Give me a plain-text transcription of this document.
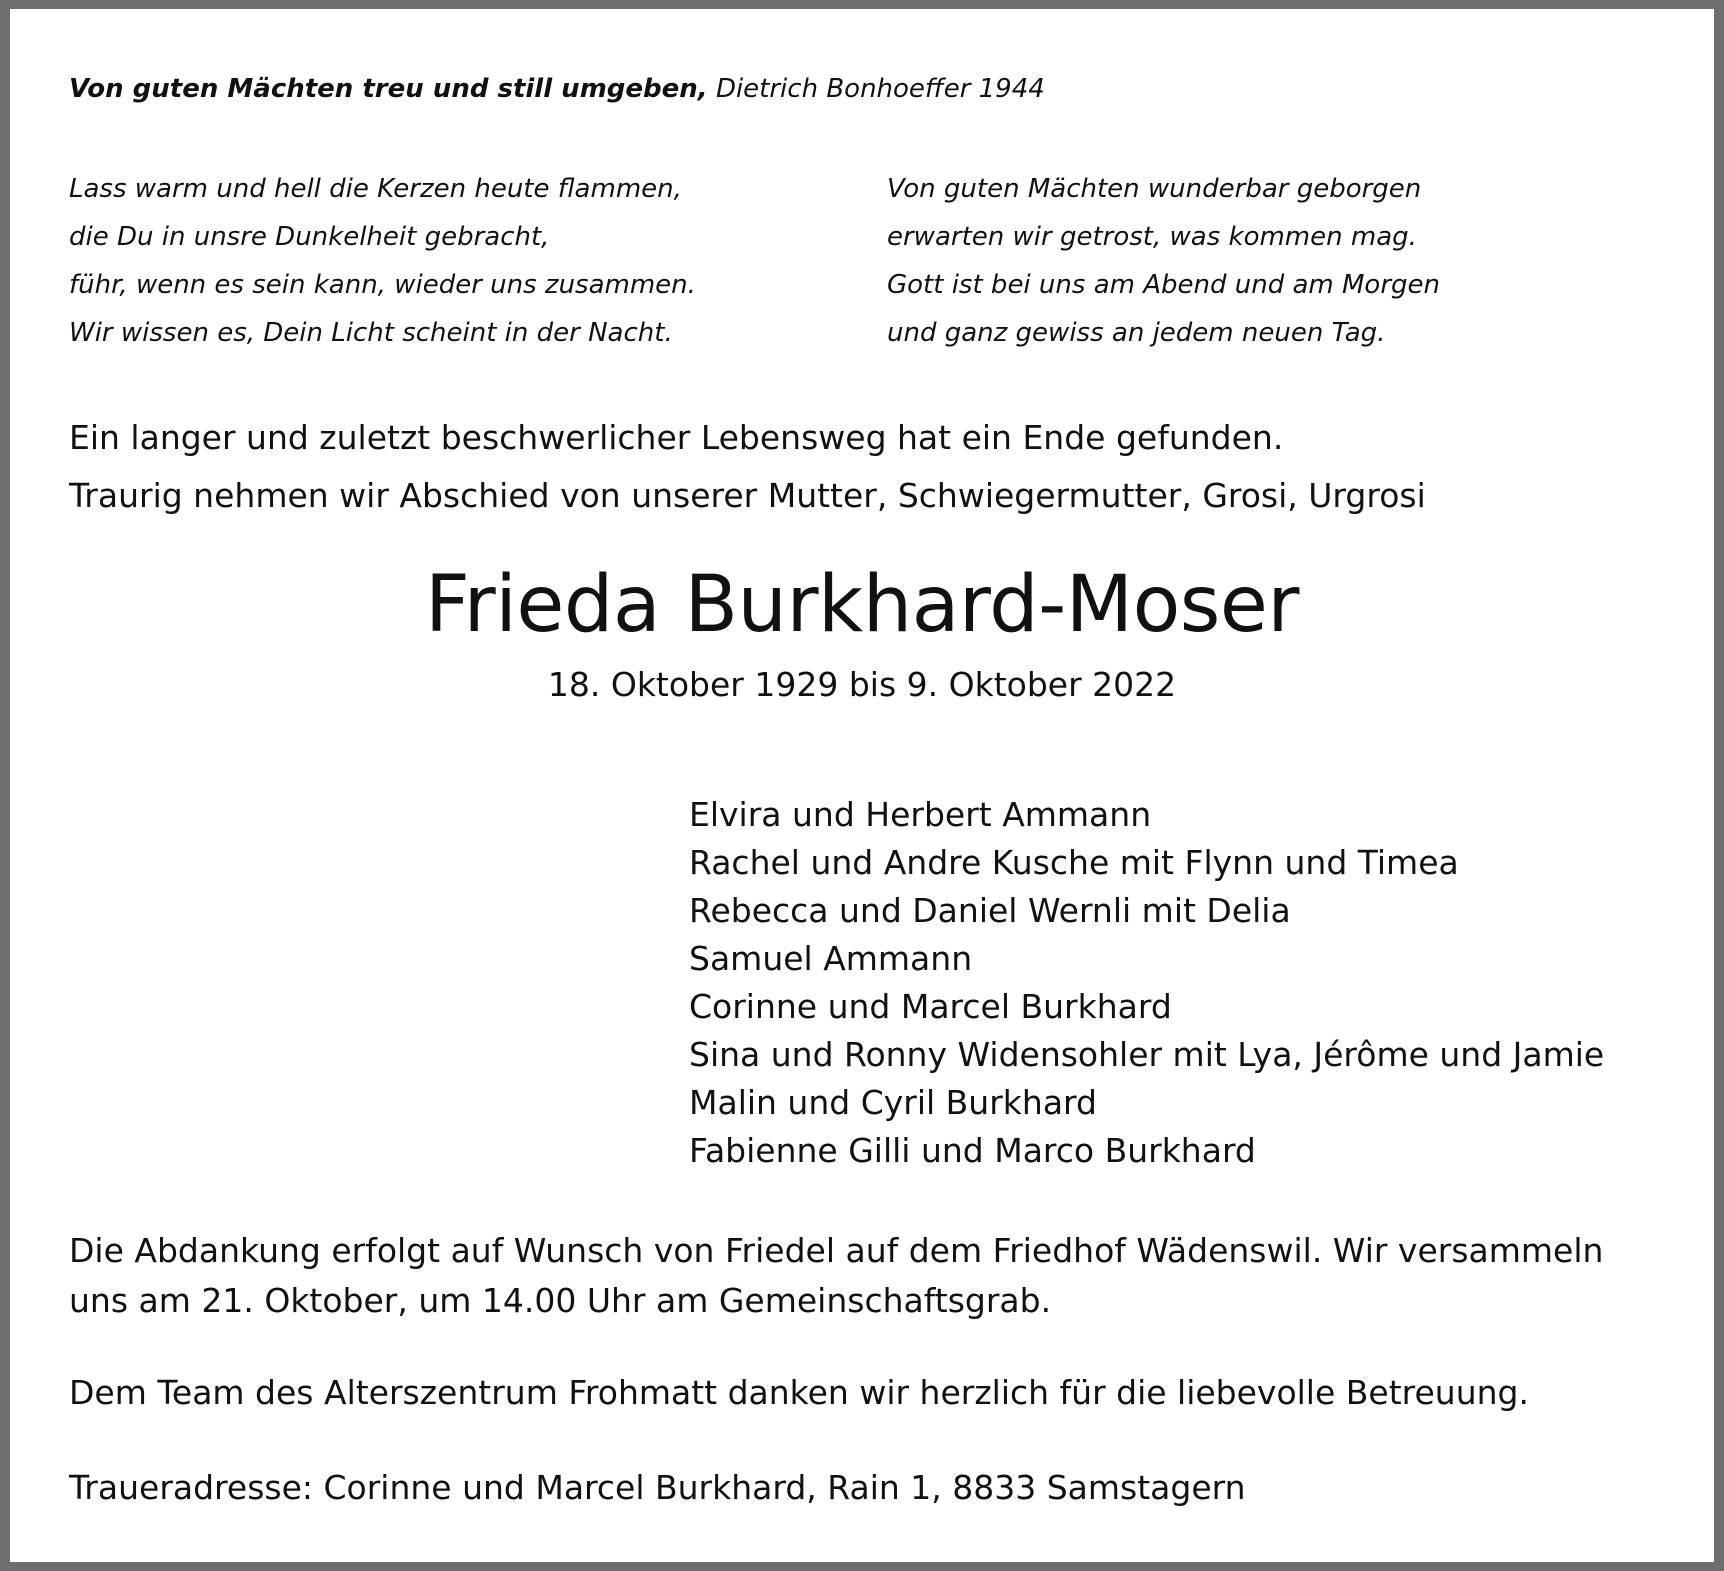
Von guten Mächten treu und still umgeben, Dietrich Bonhoeffer 1944
Lass warm und hell die Kerzen heute flammen,
die Du in unsre Dunkelheit gebracht,
führ, wenn es sein kann, wieder uns zusammen.
Wir wissen es, Dein Licht scheint in der Nacht.
Von guten Mächten wunderbar geborgen
erwarten wir getrost, was kommen mag.
Gott ist bei uns am Abend und am Morgen
und ganz gewiss an jedem neuen Tag.
Ein langer und zuletzt beschwerlicher Lebensweg hat ein Ende gefunden.
Traurig nehmen wir Abschied von unserer Mutter, Schwiegermutter, Grosi, Urgrosi
Frieda Burkhard-Moser
18. Oktober 1929 bis 9. Oktober 2022
Elvira und Herbert Ammann
Rachel und Andre Kusche mit Flynn und Timea
Rebecca und Daniel Wernli mit Delia
Samuel Ammann
Corinne und Marcel Burkhard
Sina und Ronny Widensohler mit Lya, Jérôme und Jamie
Malin und Cyril Burkhard
Fabienne Gilli und Marco Burkhard
Die Abdankung erfolgt auf Wunsch von Friedel auf dem Friedhof Wädenswil. Wir versammeln
uns am 21. Oktober, um 14.00 Uhr am Gemeinschaftsgrab.
Dem Team des Alterszentrum Frohmatt danken wir herzlich für die liebevolle Betreuung.
Traueradresse: Corinne und Marcel Burkhard, Rain 1, 8833 Samstagern
